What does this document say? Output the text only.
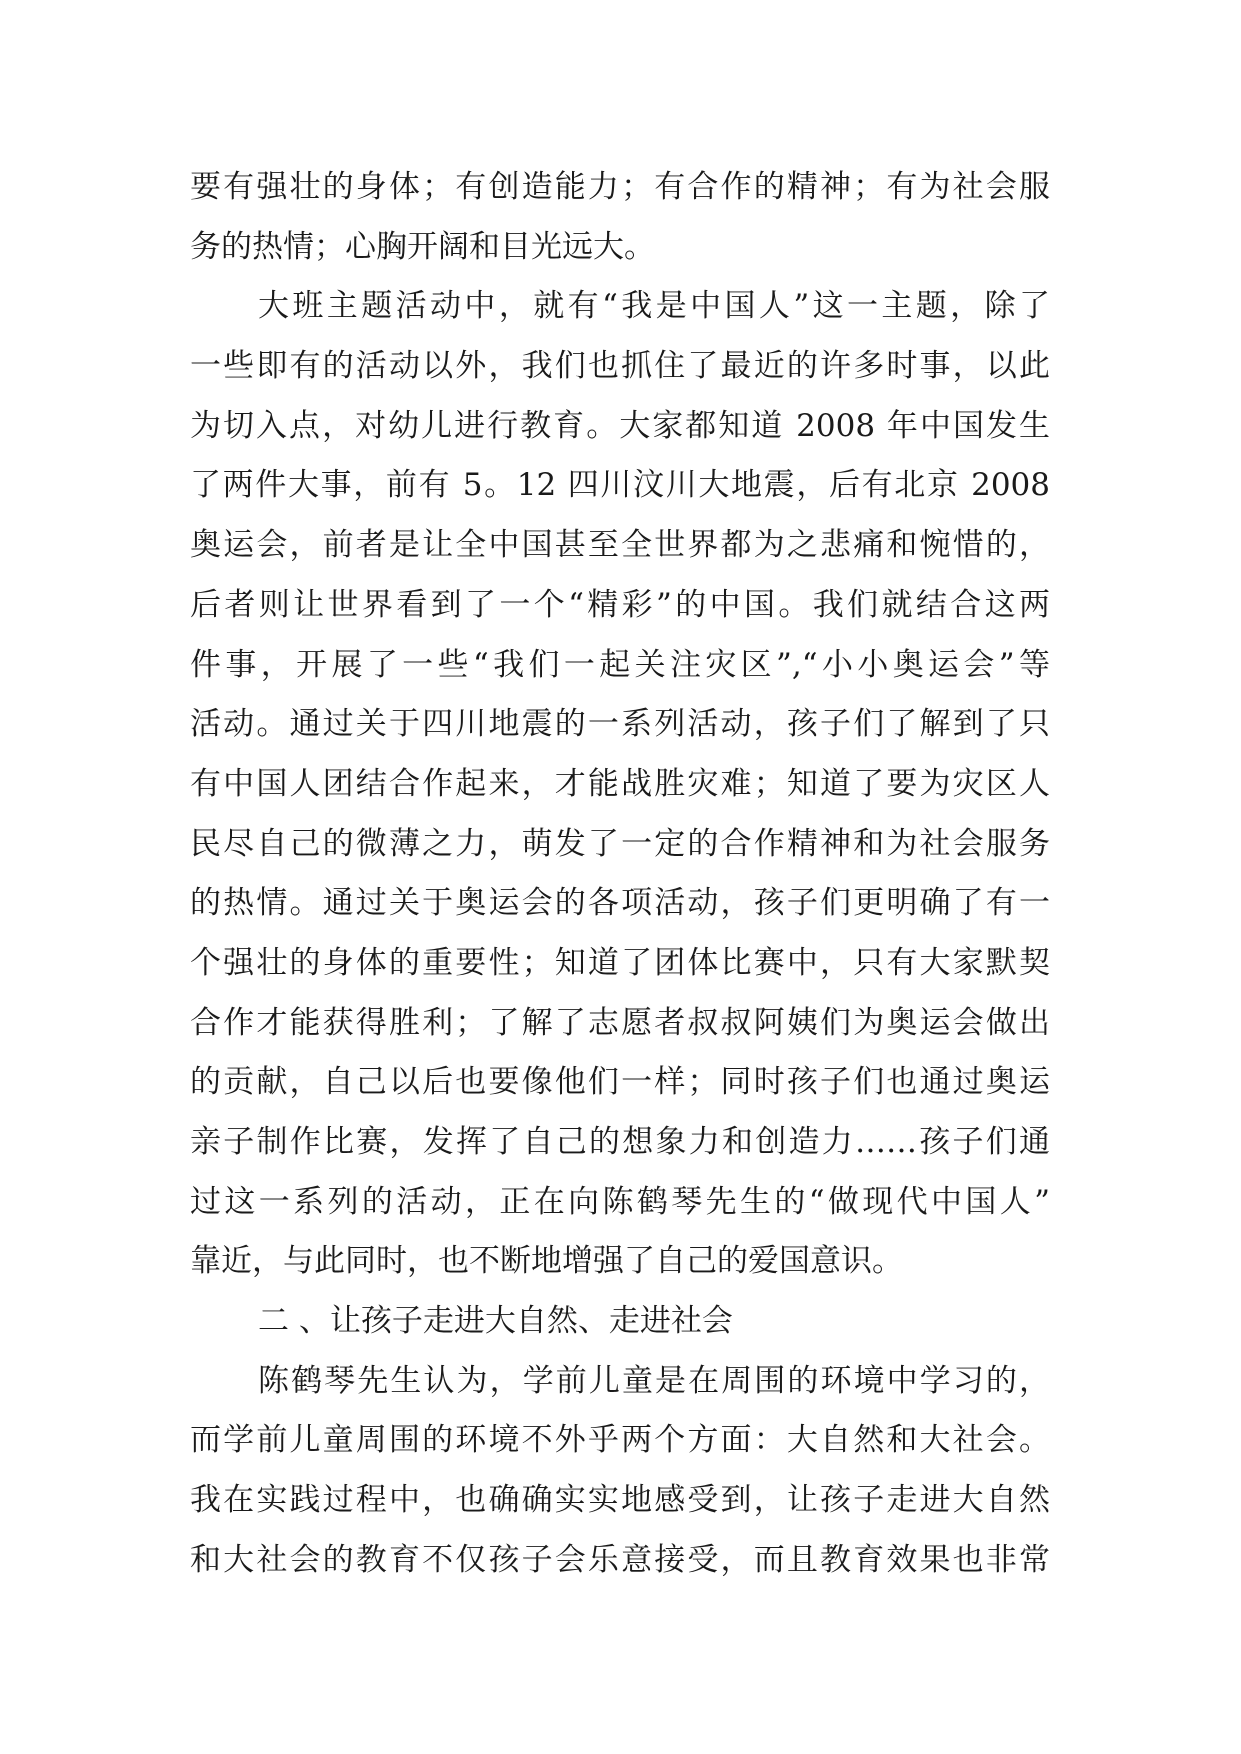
要有强壮的身体；有创造能力；有合作的精神；有为社会服
务的热情；心胸开阔和目光远大。
大班主题活动中，就有“我是中国人”这一主题，除了
一些即有的活动以外，我们也抓住了最近的许多时事，以此
为切入点，对幼儿进行教育。大家都知道 2008 年中国发生
了两件大事，前有 5。12 四川汶川大地震，后有北京 2008
奥运会，前者是让全中国甚至全世界都为之悲痛和惋惜的，
后者则让世界看到了一个“精彩”的中国。我们就结合这两
件事，开展了一些“我们一起关注灾区”,“小小奥运会”等
活动。通过关于四川地震的一系列活动，孩子们了解到了只
有中国人团结合作起来，才能战胜灾难；知道了要为灾区人
民尽自己的微薄之力，萌发了一定的合作精神和为社会服务
的热情。通过关于奥运会的各项活动，孩子们更明确了有一
个强壮的身体的重要性；知道了团体比赛中，只有大家默契
合作才能获得胜利；了解了志愿者叔叔阿姨们为奥运会做出
的贡献，自己以后也要像他们一样；同时孩子们也通过奥运
亲子制作比赛，发挥了自己的想象力和创造力……孩子们通
过这一系列的活动，正在向陈鹤琴先生的“做现代中国人”
靠近，与此同时，也不断地增强了自己的爱国意识。
二 、让孩子走进大自然、走进社会
陈鹤琴先生认为，学前儿童是在周围的环境中学习的，
而学前儿童周围的环境不外乎两个方面：大自然和大社会。
我在实践过程中，也确确实实地感受到，让孩子走进大自然
和大社会的教育不仅孩子会乐意接受，而且教育效果也非常
